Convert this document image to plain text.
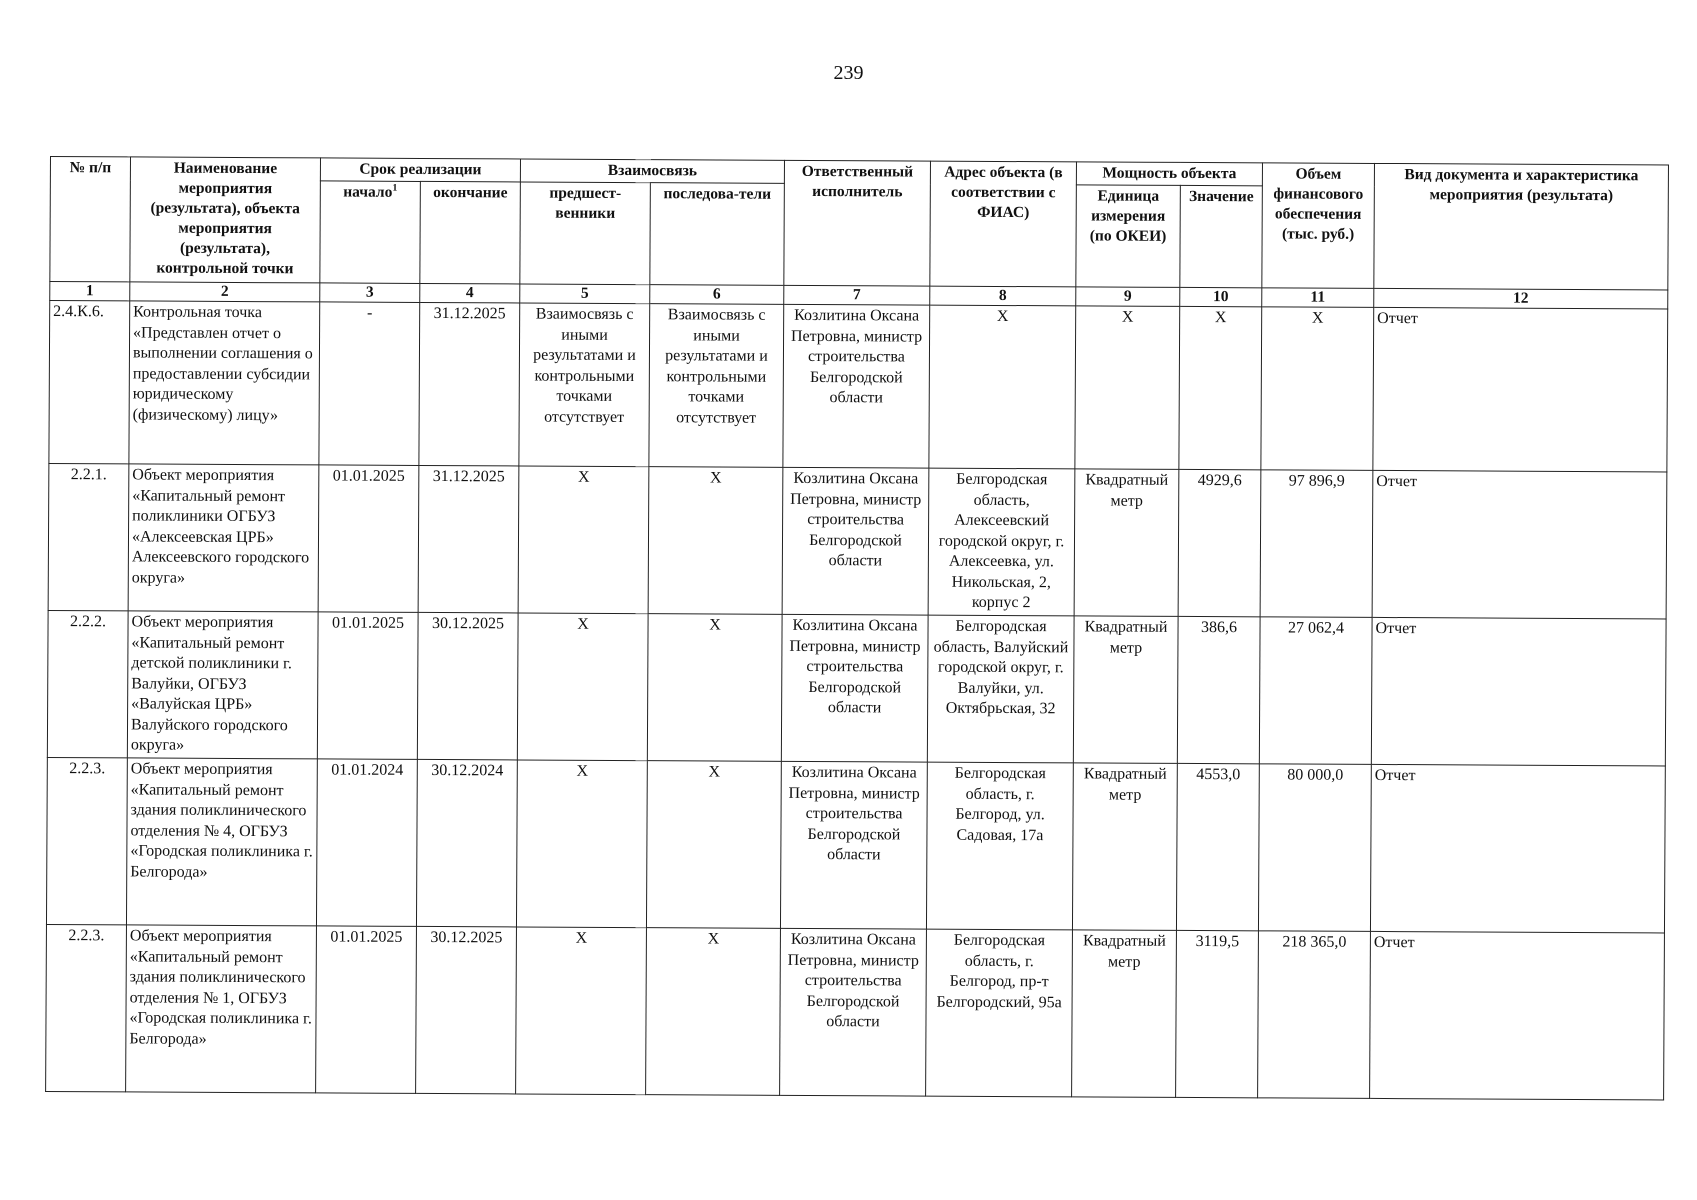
239
№ п/п	Наименование мероприятия (результата), объекта мероприятия (результата), контрольной точки	Срок реализации		Взаимосвязь		Ответственный исполнитель	Адрес объекта (в соответствии с ФИАС)	Мощность объекта		Объем финансового обеспечения (тыс. руб.)	Вид документа и характеристика мероприятия (результата)
		начало$^1$	окончание	предшест-венники	последова-тели			Единица измерения (по ОКЕИ)	Значение		
1	2	3	4	5	6	7	8	9	10	11	12
2.4.К.6.	Контрольная точка «Представлен отчет о выполнении соглашения о предоставлении субсидии юридическому (физическому) лицу»	-	31.12.2025	Взаимосвязь с иными результатами и контрольными точками отсутствует	Взаимосвязь с иными результатами и контрольными точками отсутствует	Козлитина Оксана Петровна, министр строительства Белгородской области	X	X	X	X	Отчет
2.2.1.	Объект мероприятия «Капитальный ремонт поликлиники ОГБУЗ «Алексеевская ЦРБ» Алексеевского городского округа»	01.01.2025	31.12.2025	X	X	Козлитина Оксана Петровна, министр строительства Белгородской области	Белгородская область, Алексеевский городской округ, г. Алексеевка, ул. Никольская, 2, корпус 2	Квадратный метр	4929,6	97 896,9	Отчет
2.2.2.	Объект мероприятия «Капитальный ремонт детской поликлиники г. Валуйки, ОГБУЗ «Валуйская ЦРБ» Валуйского городского округа»	01.01.2025	30.12.2025	X	X	Козлитина Оксана Петровна, министр строительства Белгородской области	Белгородская область, Валуйский городской округ, г. Валуйки, ул. Октябрьская, 32	Квадратный метр	386,6	27 062,4	Отчет
2.2.3.	Объект мероприятия «Капитальный ремонт здания поликлинического отделения № 4, ОГБУЗ «Городская поликлиника г. Белгорода»	01.01.2024	30.12.2024	X	X	Козлитина Оксана Петровна, министр строительства Белгородской области	Белгородская область, г. Белгород, ул. Садовая, 17а	Квадратный метр	4553,0	80 000,0	Отчет
2.2.3.	Объект мероприятия «Капитальный ремонт здания поликлинического отделения № 1, ОГБУЗ «Городская поликлиника г. Белгорода»	01.01.2025	30.12.2025	X	X	Козлитина Оксана Петровна, министр строительства Белгородской области	Белгородская область, г. Белгород, пр-т Белгородский, 95а	Квадратный метр	3119,5	218 365,0	Отчет
